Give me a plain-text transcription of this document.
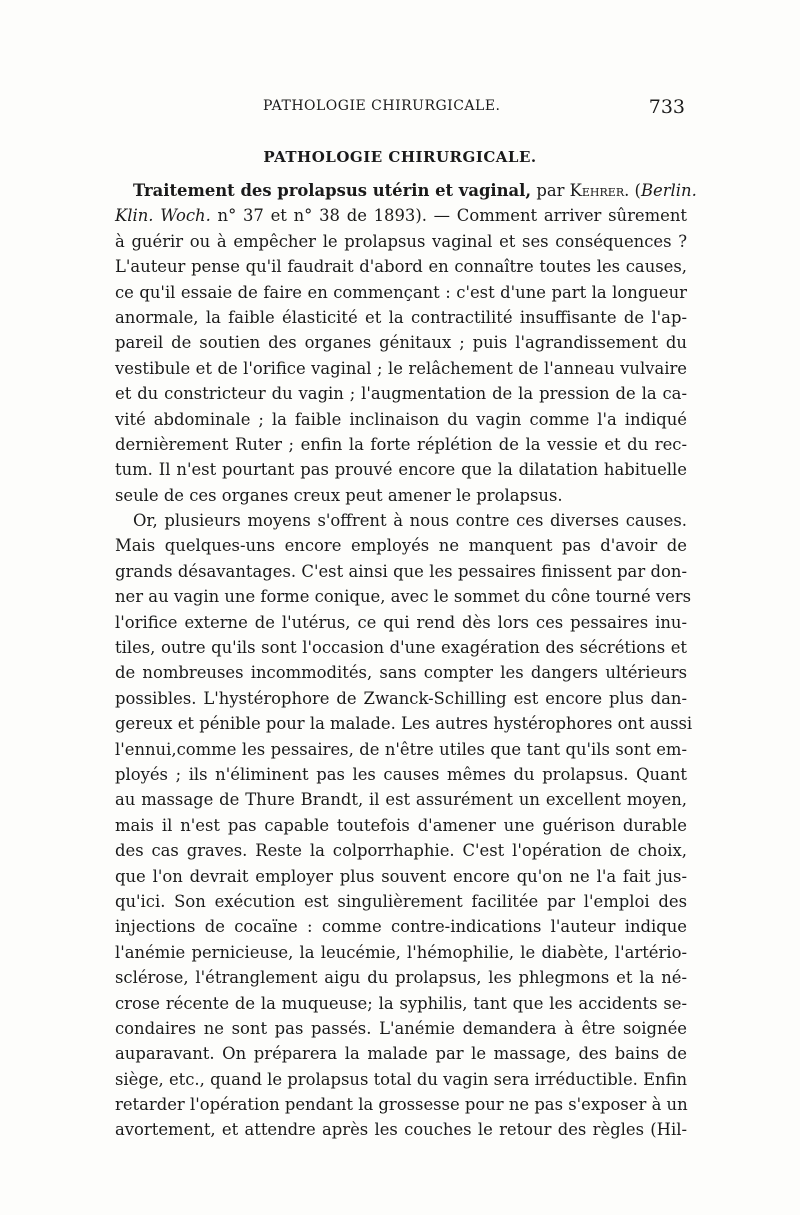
PATHOLOGIE CHIRURGICALE.	733
PATHOLOGIE CHIRURGICALE.
Traitement des prolapsus utérin et vaginal, par Kehrer. (Berlin.
Klin. Woch. n° 37 et n° 38 de 1893). — Comment arriver sûrement
à guérir ou à empêcher le prolapsus vaginal et ses conséquences ?
L'auteur pense qu'il faudrait d'abord en connaître toutes les causes,
ce qu'il essaie de faire en commençant : c'est d'une part la longueur
anormale, la faible élasticité et la contractilité insuffisante de l'ap-
pareil de soutien des organes génitaux ; puis l'agrandissement du
vestibule et de l'orifice vaginal ; le relâchement de l'anneau vulvaire
et du constricteur du vagin ; l'augmentation de la pression de la ca-
vité abdominale ; la faible inclinaison du vagin comme l'a indiqué
dernièrement Ruter ; enfin la forte réplétion de la vessie et du rec-
tum. Il n'est pourtant pas prouvé encore que la dilatation habituelle
seule de ces organes creux peut amener le prolapsus.
Or, plusieurs moyens s'offrent à nous contre ces diverses causes.
Mais quelques-uns encore employés ne manquent pas d'avoir de
grands désavantages. C'est ainsi que les pessaires finissent par don-
ner au vagin une forme conique, avec le sommet du cône tourné vers
l'orifice externe de l'utérus, ce qui rend dès lors ces pessaires inu-
tiles, outre qu'ils sont l'occasion d'une exagération des sécrétions et
de nombreuses incommodités, sans compter les dangers ultérieurs
possibles. L'hystérophore de Zwanck-Schilling est encore plus dan-
gereux et pénible pour la malade. Les autres hystérophores ont aussi
l'ennui,comme les pessaires, de n'être utiles que tant qu'ils sont em-
ployés ; ils n'éliminent pas les causes mêmes du prolapsus. Quant
au massage de Thure Brandt, il est assurément un excellent moyen,
mais il n'est pas capable toutefois d'amener une guérison durable
des cas graves. Reste la colporrhaphie. C'est l'opération de choix,
que l'on devrait employer plus souvent encore qu'on ne l'a fait jus-
qu'ici. Son exécution est singulièrement facilitée par l'emploi des
injections de cocaïne : comme contre-indications l'auteur indique
l'anémie pernicieuse, la leucémie, l'hémophilie, le diabète, l'artério-
sclérose, l'étranglement aigu du prolapsus, les phlegmons et la né-
crose récente de la muqueuse; la syphilis, tant que les accidents se-
condaires ne sont pas passés. L'anémie demandera à être soignée
auparavant. On préparera la malade par le massage, des bains de
siège, etc., quand le prolapsus total du vagin sera irréductible. Enfin
retarder l'opération pendant la grossesse pour ne pas s'exposer à un
avortement, et attendre après les couches le retour des règles (Hil-
